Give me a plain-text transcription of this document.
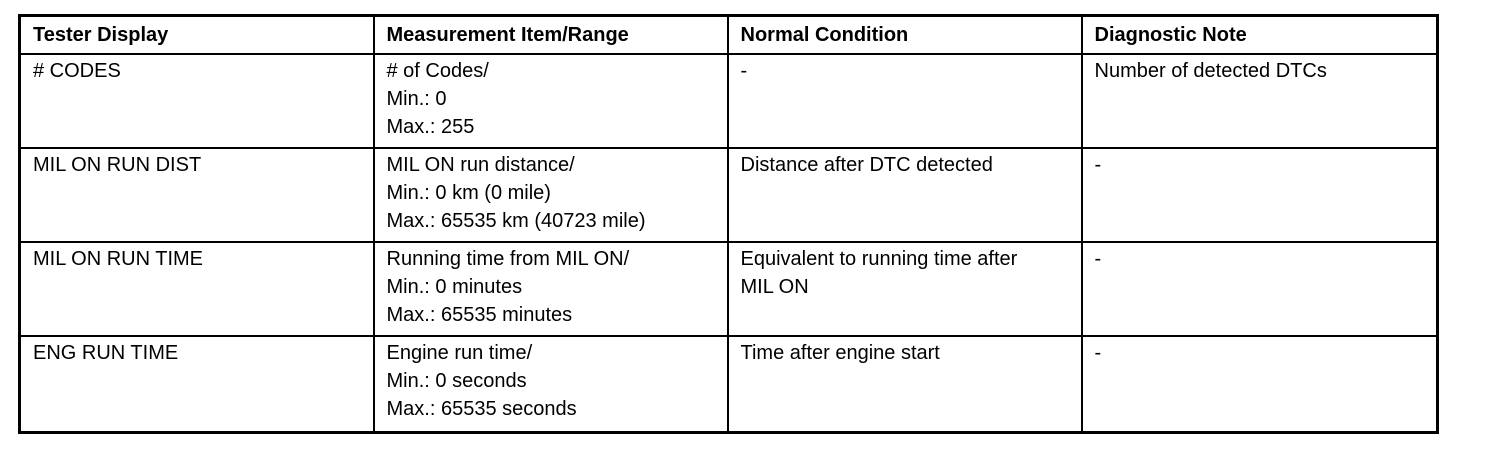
Tester Display	Measurement Item/Range	Normal Condition	Diagnostic Note
# CODES	# of Codes/
Min.: 0
Max.: 255	-	Number of detected DTCs
MIL ON RUN DIST	MIL ON run distance/
Min.: 0 km (0 mile)
Max.: 65535 km (40723 mile)	Distance after DTC detected	-
MIL ON RUN TIME	Running time from MIL ON/
Min.: 0 minutes
Max.: 65535 minutes	Equivalent to running time after
MIL ON	-
ENG RUN TIME	Engine run time/
Min.: 0 seconds
Max.: 65535 seconds	Time after engine start	-
